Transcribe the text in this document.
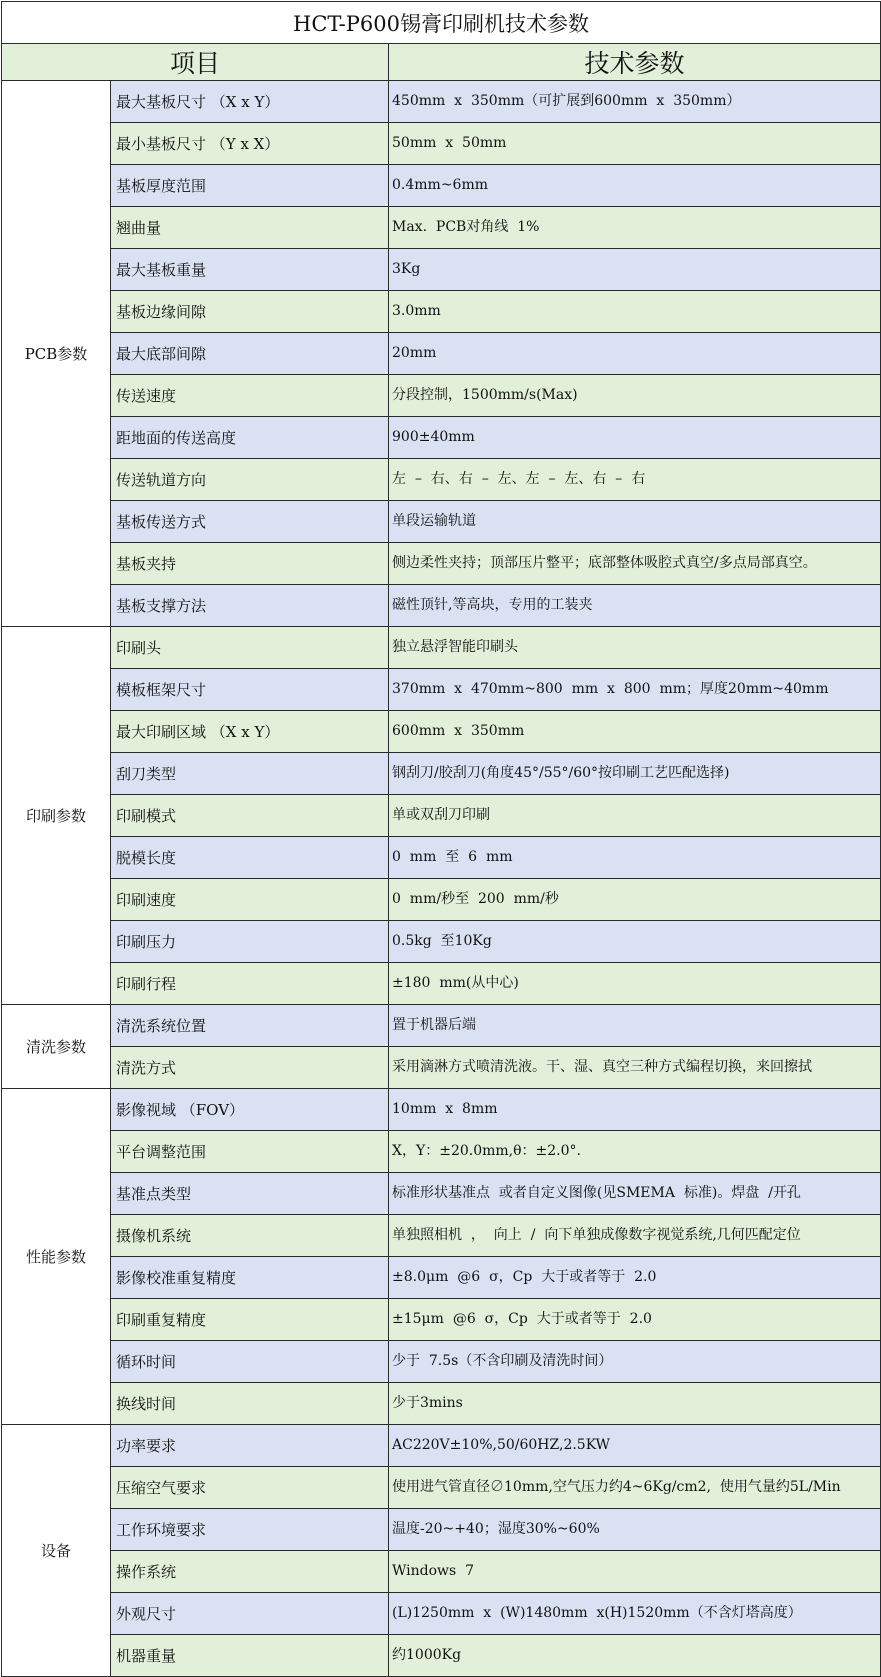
HCT-P600锡膏印刷机技术参数		
项目		技术参数
PCB参数	最大基板尺寸 （X x Y）	450mm  x  350mm（可扩展到600mm  x  350mm）
	最小基板尺寸 （Y x X）	50mm  x  50mm
	基板厚度范围	0.4mm~6mm
	翘曲量	Max.  PCB对角线  1%
	最大基板重量	3Kg
	基板边缘间隙	3.0mm
	最大底部间隙	20mm
	传送速度	分段控制，1500mm/s(Max)
	距地面的传送高度	900±40mm
	传送轨道方向	左  –  右、右  –  左、左  –  左、右  –  右
	基板传送方式	单段运输轨道
	基板夹持	侧边柔性夹持；顶部压片整平；底部整体吸腔式真空/多点局部真空。
	基板支撑方法	磁性顶针,等高块，专用的工装夹
印刷参数	印刷头	独立悬浮智能印刷头
	模板框架尺寸	370mm  x  470mm~800  mm  x  800  mm；厚度20mm~40mm
	最大印刷区域 （X x Y）	600mm  x  350mm
	刮刀类型	钢刮刀/胶刮刀(角度45°/55°/60°按印刷工艺匹配选择)
	印刷模式	单或双刮刀印刷
	脱模长度	0  mm  至  6  mm
	印刷速度	0  mm/秒至  200  mm/秒
	印刷压力	0.5kg  至10Kg
	印刷行程	±180  mm(从中心)
清洗参数	清洗系统位置	置于机器后端
	清洗方式	采用滴淋方式喷清洗液。干、湿、真空三种方式编程切换，来回擦拭
性能参数	影像视域 （FOV）	10mm  x  8mm
	平台调整范围	X，Y：±20.0mm,θ：±2.0°.
	基准点类型	标准形状基准点  或者自定义图像(见SMEMA  标准)。焊盘  /开孔
	摄像机系统	单独照相机  ，  向上  /  向下单独成像数字视觉系统,几何匹配定位
	影像校准重复精度	±8.0μm  @6  σ，Cp  大于或者等于  2.0
	印刷重复精度	±15μm  @6  σ，Cp  大于或者等于  2.0
	循环时间	少于  7.5s（不含印刷及清洗时间）
	换线时间	少于3mins
设备	功率要求	AC220V±10%,50/60HZ,2.5KW
	压缩空气要求	使用进气管直径∅10mm,空气压力约4~6Kg/cm2,  使用气量约5L/Min
	工作环境要求	温度-20~+40；湿度30%~60%
	操作系统	Windows  7
	外观尺寸	(L)1250mm  x  (W)1480mm  x(H)1520mm（不含灯塔高度）
	机器重量	约1000Kg
